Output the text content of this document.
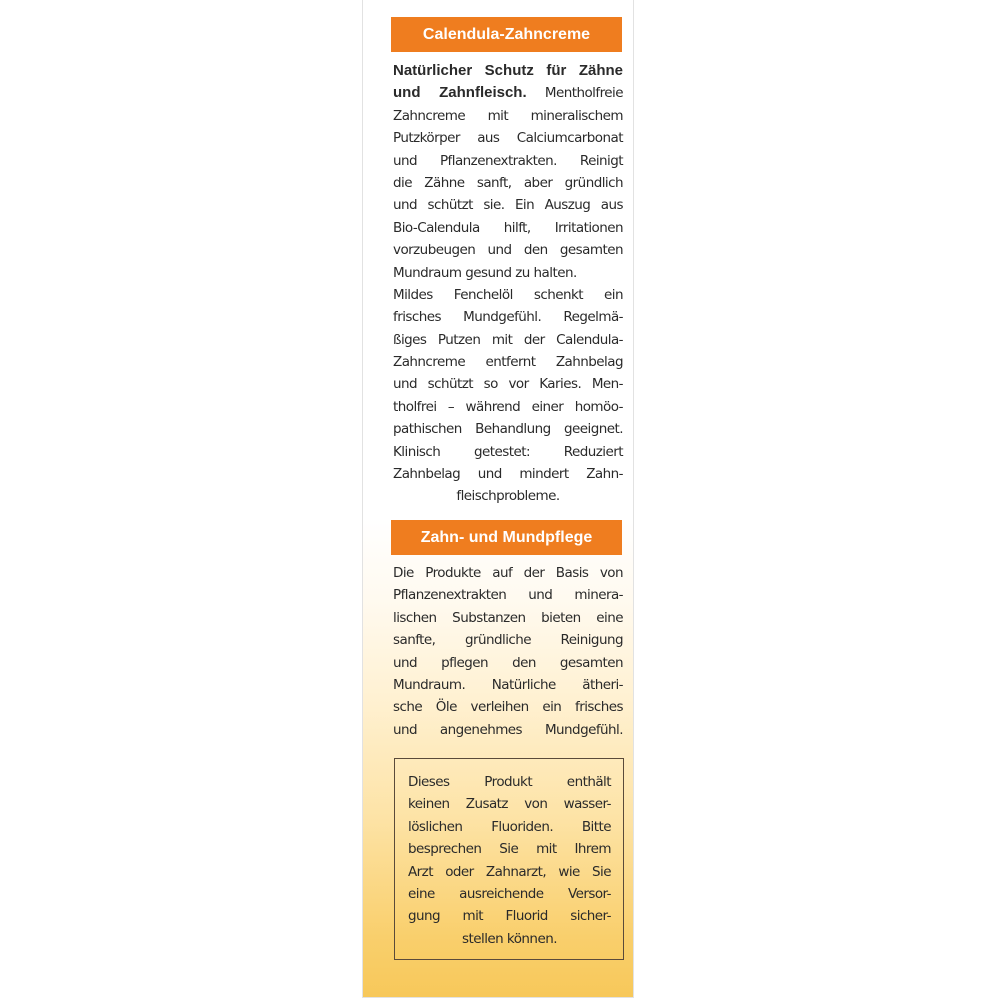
Calendula-Zahncreme
Natürlicher Schutz für Zähne
und Zahnfleisch. Mentholfreie
Zahncreme mit mineralischem
Putzkörper aus Calciumcarbonat
und Pflanzenextrakten. Reinigt
die Zähne sanft, aber gründlich
und schützt sie. Ein Auszug aus
Bio-Calendula hilft, Irritationen
vorzubeugen und den gesamten
Mundraum gesund zu halten.
Mildes Fenchelöl schenkt ein
frisches Mundgefühl. Regelmä-
ßiges Putzen mit der Calendula-
Zahncreme entfernt Zahnbelag
und schützt so vor Karies. Men-
tholfrei – während einer homöo-
pathischen Behandlung geeignet.
Klinisch getestet: Reduziert
Zahnbelag und mindert Zahn-
fleischprobleme.
Zahn- und Mundpflege
Die Produkte auf der Basis von
Pflanzenextrakten und minera-
lischen Substanzen bieten eine
sanfte, gründliche Reinigung
und pflegen den gesamten
Mundraum. Natürliche ätheri-
sche Öle verleihen ein frisches
und angenehmes Mundgefühl.
Dieses Produkt enthält
keinen Zusatz von wasser-
löslichen Fluoriden. Bitte
besprechen Sie mit Ihrem
Arzt oder Zahnarzt, wie Sie
eine ausreichende Versor-
gung mit Fluorid sicher-
stellen können.
